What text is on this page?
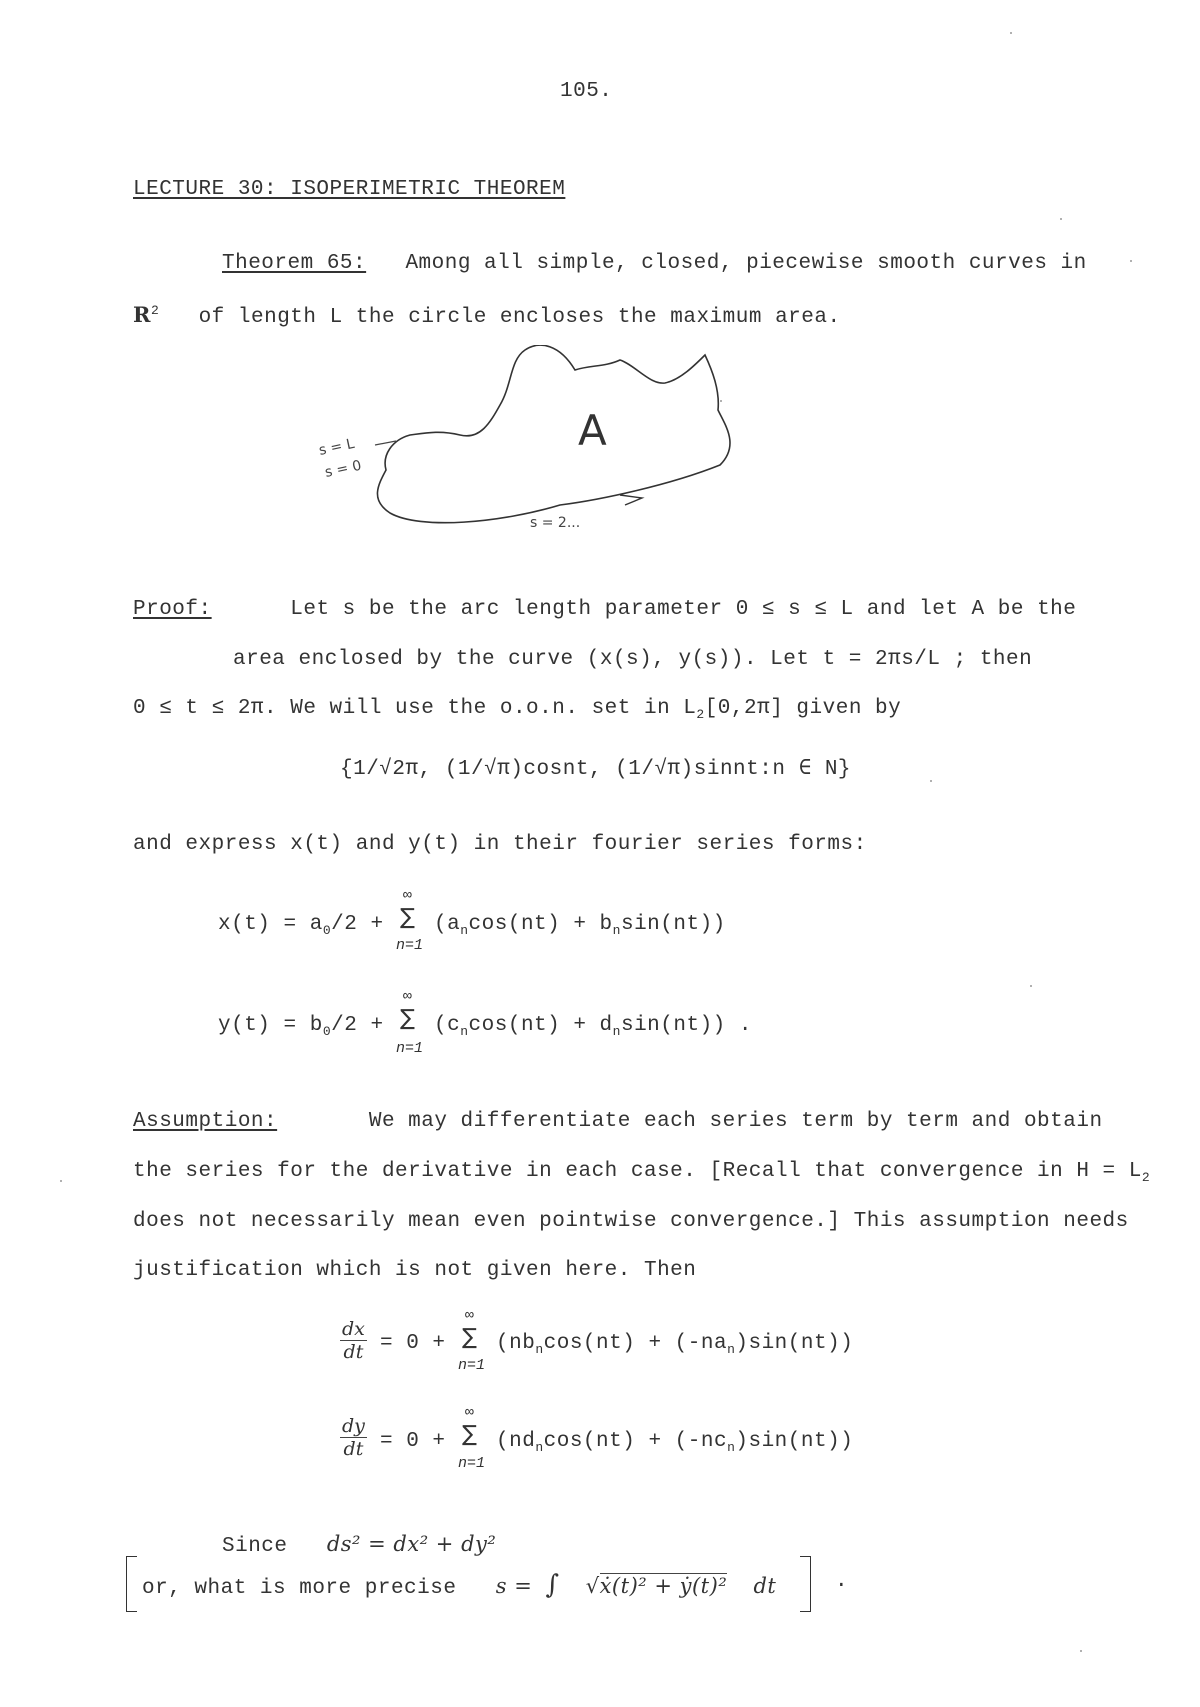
105.
LECTURE 30: ISOPERIMETRIC THEOREM
Theorem 65: Among all simple, closed, piecewise smooth curves in
$R^2$ of length L the circle encloses the maximum area.
A
s = L
s = 0
s = 2...
Proof:	Let s be the arc length parameter 0 ≤ s ≤ L and let A be the
area enclosed by the curve (x(s), y(s)). Let t = 2πs/L ; then
0 ≤ t ≤ 2π. We will use the o.o.n. set in $L_2[0,2\pi]$ given by
{1/√2π, (1/√π)cosnt, (1/√π)sinnt:n ∈ N}
and express x(t) and y(t) in their fourier series forms:
$x(t) = a_0/2$ + ∑
∞
n=1
$(a_n\cos(nt) + b_n\sin(nt))$
$y(t) = b_0/2$ + ∑
∞
n=1
$(c_n\cos(nt) + d_n\sin(nt))$ .
Assumption:	We may differentiate each series term by term and obtain
the series for the derivative in each case. [Recall that convergence in $H = L_2$
does not necessarily mean even pointwise convergence.] This assumption needs
justification which is not given here. Then
$\frac{dx}{dt} = 0$ + ∑
∞
n=1
$(nb_n\cos(nt) + (-na_n)\sin(nt))$
$\frac{dy}{dt} = 0$ + ∑
∞
n=1
$(nd_n\cos(nt) + (-nc_n)\sin(nt))$
Since ds² = dx² + dy²
or, what is more precise s = ∫ √ẋ(t)² + ẏ(t)² dt	.
